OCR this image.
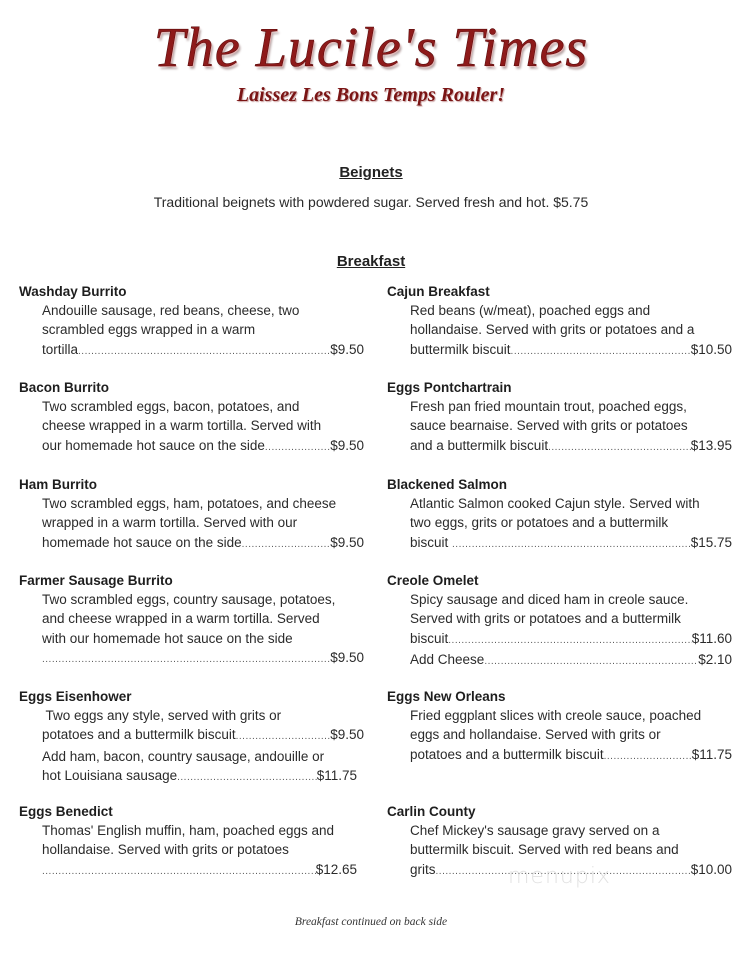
The Lucile's Times
Laissez Les Bons Temps Rouler!
Beignets
Traditional beignets with powdered sugar. Served fresh and hot. $5.75
Breakfast
Washday Burrito
Andouille sausage, red beans, cheese, two
scrambled eggs wrapped in a warm
tortilla .....	$9.50
Bacon Burrito
Two scrambled eggs, bacon, potatoes, and
cheese wrapped in a warm tortilla. Served with
our homemade hot sauce on the side .....	$9.50
Ham Burrito
Two scrambled eggs, ham, potatoes, and cheese
wrapped in a warm tortilla. Served with our
homemade hot sauce on the side .....	$9.50
Farmer Sausage Burrito
Two scrambled eggs, country sausage, potatoes,
and cheese wrapped in a warm tortilla. Served
with our homemade hot sauce on the side
.....
$9.50
Eggs Eisenhower
Two eggs any style, served with grits or
potatoes and a buttermilk biscuit .....	$9.50
Add ham, bacon, country sausage, andouille or
hot Louisiana sausage .....	$11.75
Eggs Benedict
Thomas' English muffin, ham, poached eggs and
hollandaise. Served with grits or potatoes
.....
$12.65
Cajun Breakfast
Red beans (w/meat), poached eggs and
hollandaise. Served with grits or potatoes and a
buttermilk biscuit .....	$10.50
Eggs Pontchartrain
Fresh pan fried mountain trout, poached eggs,
sauce bearnaise. Served with grits or potatoes
and a buttermilk biscuit .....	$13.95
Blackened Salmon
Atlantic Salmon cooked Cajun style. Served with
two eggs, grits or potatoes and a buttermilk
biscuit .....	$15.75
Creole Omelet
Spicy sausage and diced ham in creole sauce.
Served with grits or potatoes and a buttermilk
biscuit .....	$11.60
Add Cheese .....	$2.10
Eggs New Orleans
Fried eggplant slices with creole sauce, poached
eggs and hollandaise. Served with grits or
potatoes and a buttermilk biscuit .....	$11.75
Carlin County
Chef Mickey's sausage gravy served on a
buttermilk biscuit. Served with red beans and
grits .....	$10.00
menupix
Breakfast continued on back side
